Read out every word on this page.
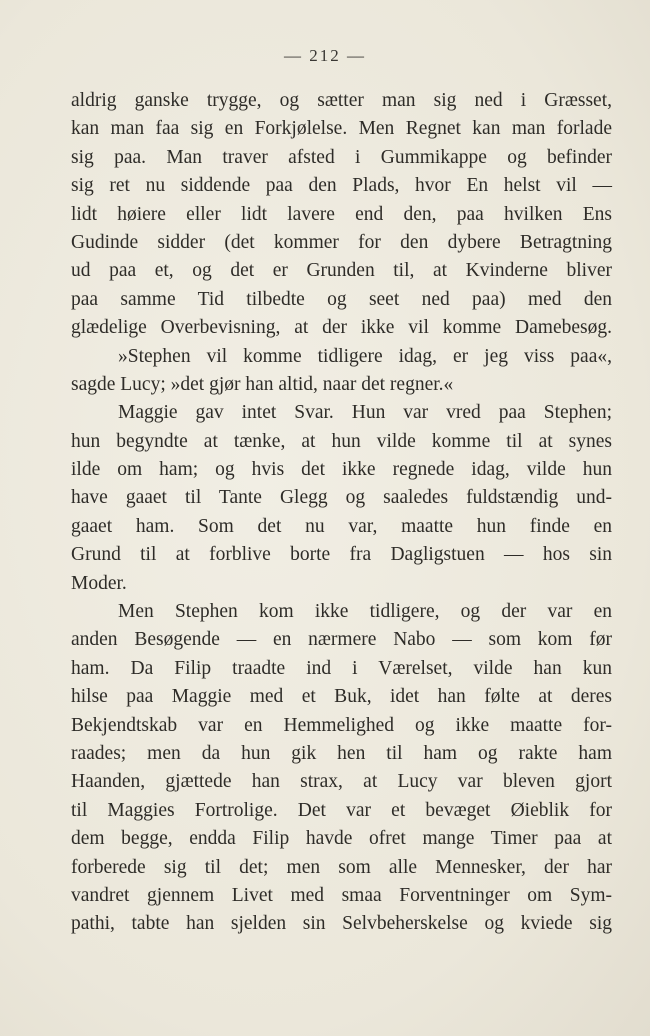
— 212 —
aldrig ganske trygge, og sætter man sig ned i Græsset,
kan man faa sig en Forkjølelse. Men Regnet kan man forlade
sig paa. Man traver afsted i Gummikappe og befinder
sig ret nu siddende paa den Plads, hvor En helst vil —
lidt høiere eller lidt lavere end den, paa hvilken Ens
Gudinde sidder (det kommer for den dybere Betragtning
ud paa et, og det er Grunden til, at Kvinderne bliver
paa samme Tid tilbedte og seet ned paa) med den
glædelige Overbevisning, at der ikke vil komme Damebesøg.
»Stephen vil komme tidligere idag, er jeg viss paa«,
sagde Lucy; »det gjør han altid, naar det regner.«
Maggie gav intet Svar. Hun var vred paa Stephen;
hun begyndte at tænke, at hun vilde komme til at synes
ilde om ham; og hvis det ikke regnede idag, vilde hun
have gaaet til Tante Glegg og saaledes fuldstændig und-
gaaet ham. Som det nu var, maatte hun finde en
Grund til at forblive borte fra Dagligstuen — hos sin
Moder.
Men Stephen kom ikke tidligere, og der var en
anden Besøgende — en nærmere Nabo — som kom før
ham. Da Filip traadte ind i Værelset, vilde han kun
hilse paa Maggie med et Buk, idet han følte at deres
Bekjendtskab var en Hemmelighed og ikke maatte for-
raades; men da hun gik hen til ham og rakte ham
Haanden, gjættede han strax, at Lucy var bleven gjort
til Maggies Fortrolige. Det var et bevæget Øieblik for
dem begge, endda Filip havde ofret mange Timer paa at
forberede sig til det; men som alle Mennesker, der har
vandret gjennem Livet med smaa Forventninger om Sym-
pathi, tabte han sjelden sin Selvbeherskelse og kviede sig
